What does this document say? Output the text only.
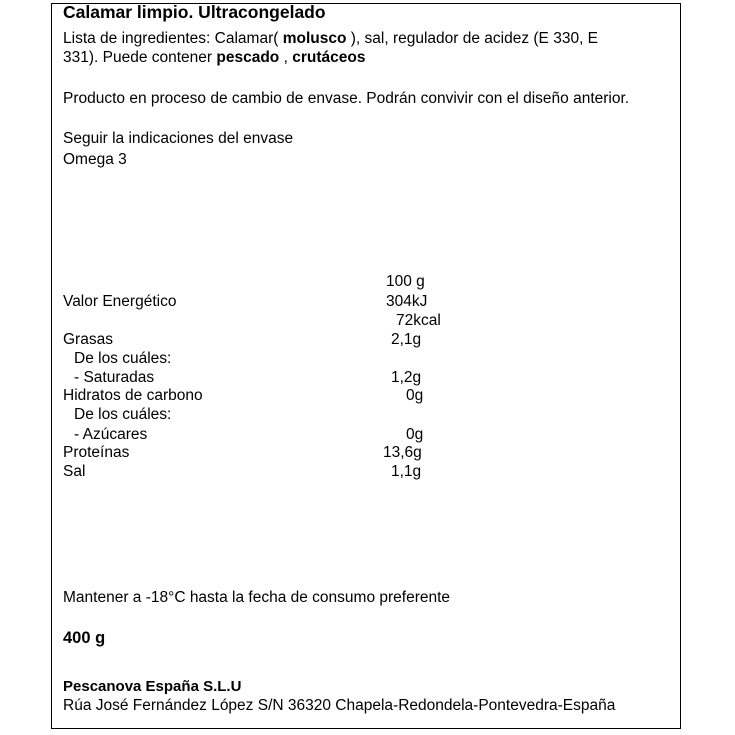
Calamar limpio. Ultracongelado
Lista de ingredientes: Calamar( molusco ), sal, regulador de acidez (E 330, E
331). Puede contener pescado , crutáceos
Producto en proceso de cambio de envase. Podrán convivir con el diseño anterior.
Seguir la indicaciones del envase
Omega 3
100 g
Valor Energético	304kJ
72kcal
Grasas	2,1g
De los cuáles:
- Saturadas	1,2g
Hidratos de carbono	0g
De los cuáles:
- Azúcares	0g
Proteínas	13,6g
Sal	1,1g
Mantener a -18°C hasta la fecha de consumo preferente
400 g
Pescanova España S.L.U
Rúa José Fernández López S/N 36320 Chapela-Redondela-Pontevedra-España
